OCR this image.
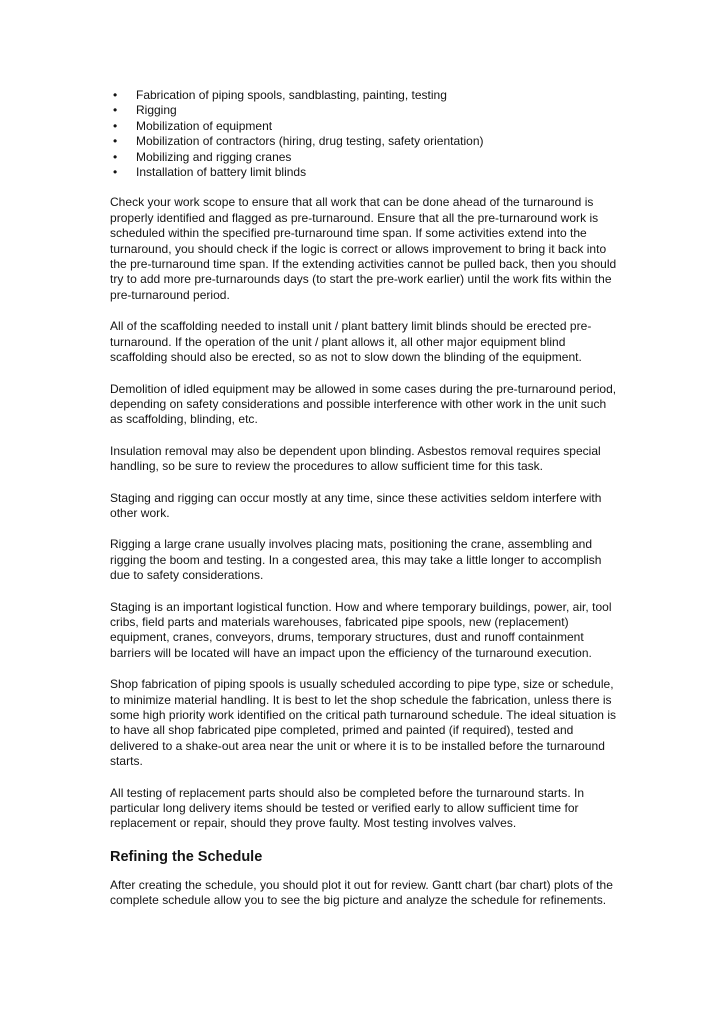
• Fabrication of piping spools, sandblasting, painting, testing
• Rigging
• Mobilization of equipment
• Mobilization of contractors (hiring, drug testing, safety orientation)
• Mobilizing and rigging cranes
• Installation of battery limit blinds

Check your work scope to ensure that all work that can be done ahead of the turnaround is properly identified and flagged as pre-turnaround. Ensure that all the pre-turnaround work is scheduled within the specified pre-turnaround time span. If some activities extend into the turnaround, you should check if the logic is correct or allows improvement to bring it back into the pre-turnaround time span. If the extending activities cannot be pulled back, then you should try to add more pre-turnarounds days (to start the pre-work earlier) until the work fits within the pre-turnaround period.

All of the scaffolding needed to install unit / plant battery limit blinds should be erected pre-turnaround. If the operation of the unit / plant allows it, all other major equipment blind scaffolding should also be erected, so as not to slow down the blinding of the equipment.

Demolition of idled equipment may be allowed in some cases during the pre-turnaround period, depending on safety considerations and possible interference with other work in the unit such as scaffolding, blinding, etc.

Insulation removal may also be dependent upon blinding. Asbestos removal requires special handling, so be sure to review the procedures to allow sufficient time for this task.

Staging and rigging can occur mostly at any time, since these activities seldom interfere with other work.

Rigging a large crane usually involves placing mats, positioning the crane, assembling and rigging the boom and testing. In a congested area, this may take a little longer to accomplish due to safety considerations.

Staging is an important logistical function. How and where temporary buildings, power, air, tool cribs, field parts and materials warehouses, fabricated pipe spools, new (replacement) equipment, cranes, conveyors, drums, temporary structures, dust and runoff containment barriers will be located will have an impact upon the efficiency of the turnaround execution.

Shop fabrication of piping spools is usually scheduled according to pipe type, size or schedule, to minimize material handling. It is best to let the shop schedule the fabrication, unless there is some high priority work identified on the critical path turnaround schedule. The ideal situation is to have all shop fabricated pipe completed, primed and painted (if required), tested and delivered to a shake-out area near the unit or where it is to be installed before the turnaround starts.

All testing of replacement parts should also be completed before the turnaround starts. In particular long delivery items should be tested or verified early to allow sufficient time for replacement or repair, should they prove faulty. Most testing involves valves.

Refining the Schedule

After creating the schedule, you should plot it out for review. Gantt chart (bar chart) plots of the complete schedule allow you to see the big picture and analyze the schedule for refinements.
